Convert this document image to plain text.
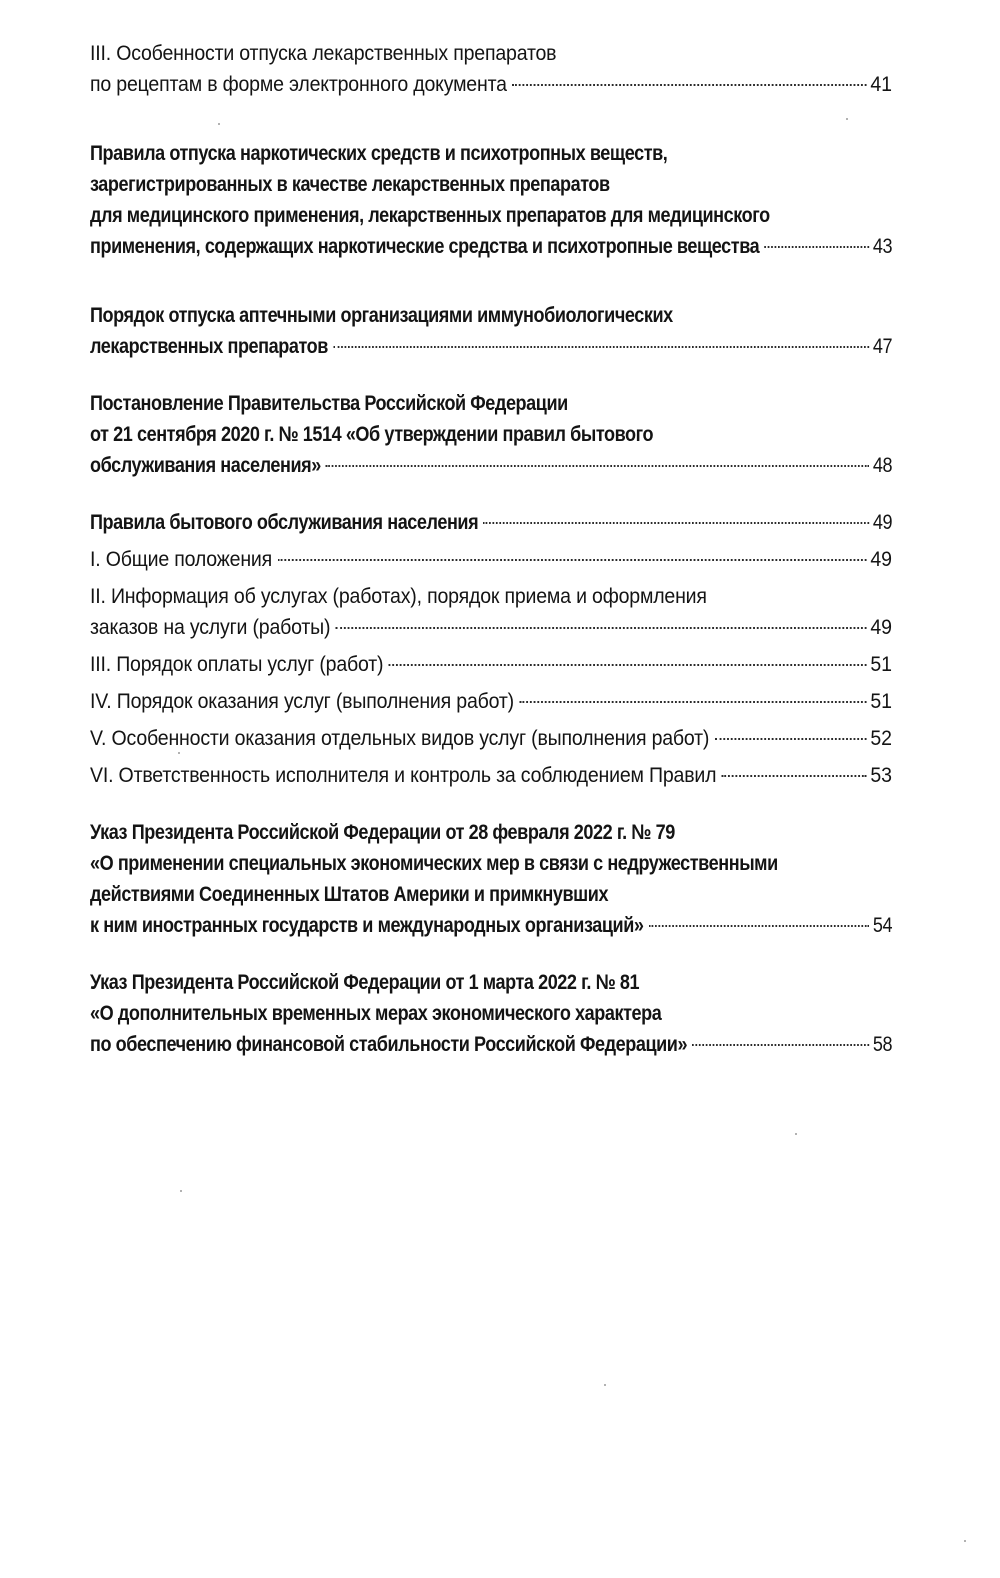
III. Особенности отпуска лекарственных препаратов
по рецептам в форме электронного документа	41
Правила отпуска наркотических средств и психотропных веществ,
зарегистрированных в качестве лекарственных препаратов
для медицинского применения, лекарственных препаратов для медицинского
применения, содержащих наркотические средства и психотропные вещества	43
Порядок отпуска аптечными организациями иммунобиологических
лекарственных препаратов	47
Постановление Правительства Российской Федерации
от 21 сентября 2020 г. № 1514 «Об утверждении правил бытового
обслуживания населения»	48
Правила бытового обслуживания населения	49
I. Общие положения	49
II. Информация об услугах (работах), порядок приема и оформления
заказов на услуги (работы)	49
III. Порядок оплаты услуг (работ)	51
IV. Порядок оказания услуг (выполнения работ)	51
V. Особенности оказания отдельных видов услуг (выполнения работ)	52
VI. Ответственность исполнителя и контроль за соблюдением Правил	53
Указ Президента Российской Федерации от 28 февраля 2022 г. № 79
«О применении специальных экономических мер в связи с недружественными
действиями Соединенных Штатов Америки и примкнувших
к ним иностранных государств и международных организаций»	54
Указ Президента Российской Федерации от 1 марта 2022 г. № 81
«О дополнительных временных мерах экономического характера
по обеспечению финансовой стабильности Российской Федерации»	58
